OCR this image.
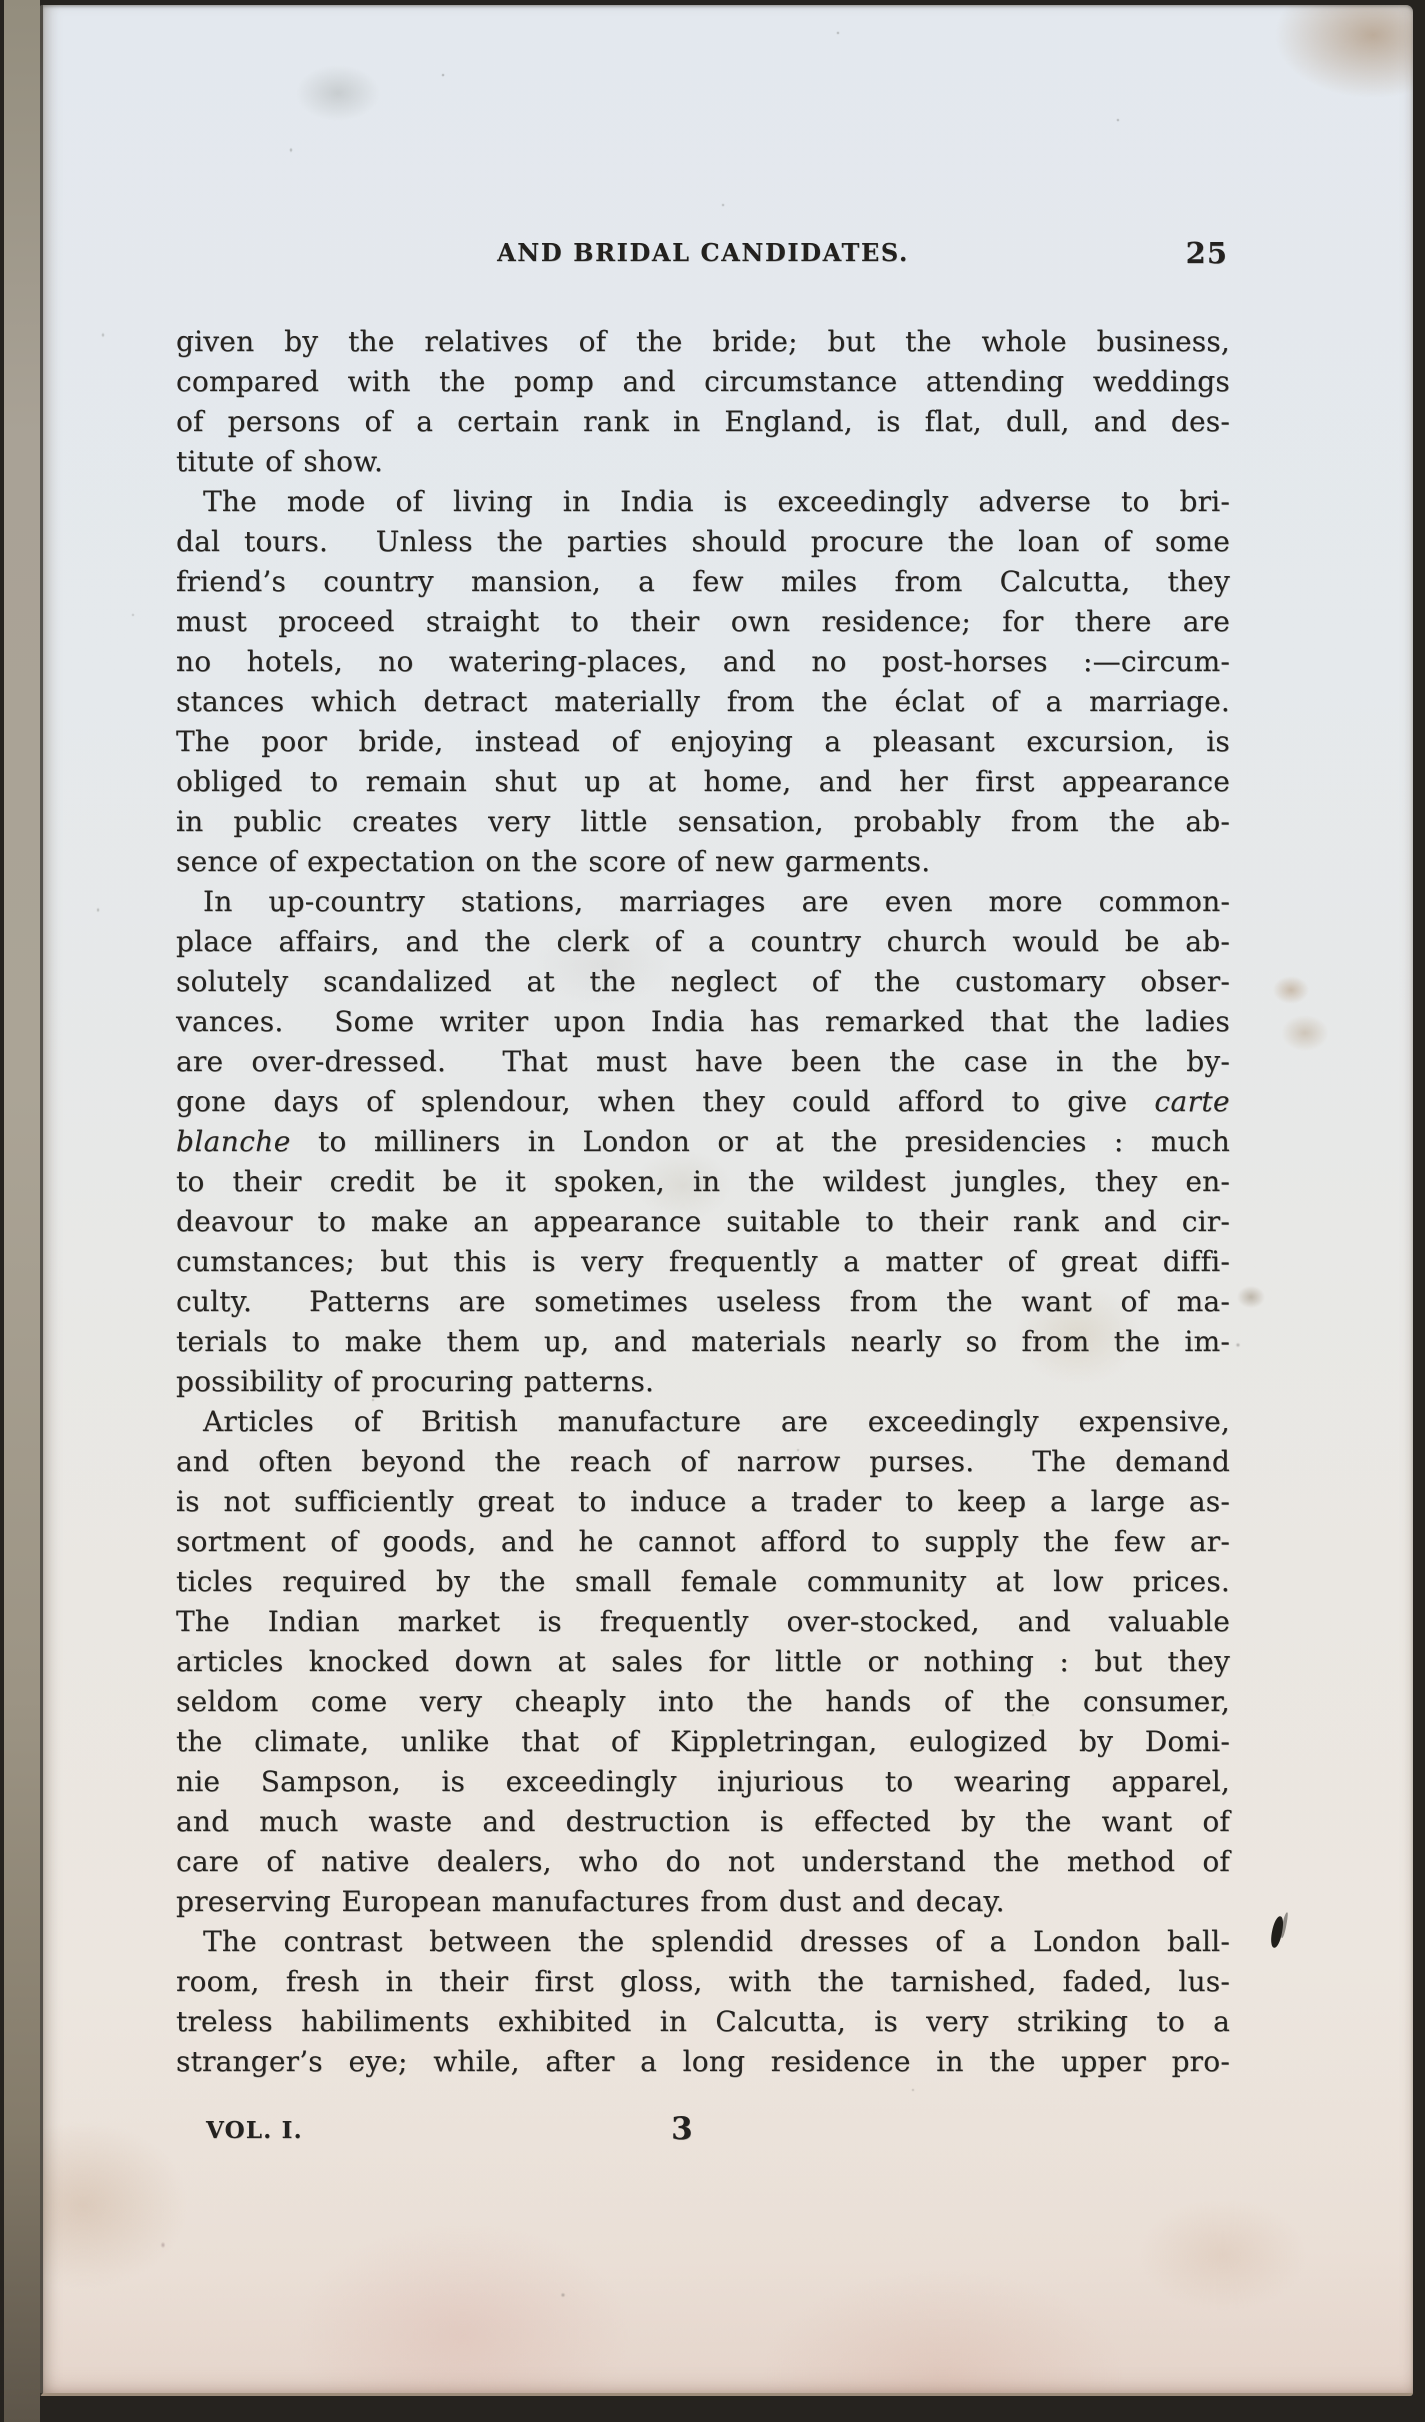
AND BRIDAL CANDIDATES.	25
given by the relatives of the bride; but the whole business,
compared with the pomp and circumstance attending weddings
of persons of a certain rank in England, is flat, dull, and des-
titute of show.
The mode of living in India is exceedingly adverse to bri-
dal tours.  Unless the parties should procure the loan of some
friend’s country mansion, a few miles from Calcutta, they
must proceed straight to their own residence; for there are
no hotels, no watering-places, and no post-horses :—circum-
stances which detract materially from the éclat of a marriage.
The poor bride, instead of enjoying a pleasant excursion, is
obliged to remain shut up at home, and her first appearance
in public creates very little sensation, probably from the ab-
sence of expectation on the score of new garments.
In up-country stations, marriages are even more common-
place affairs, and the clerk of a country church would be ab-
solutely scandalized at the neglect of the customary obser-
vances.  Some writer upon India has remarked that the ladies
are over-dressed.  That must have been the case in the by-
gone days of splendour, when they could afford to give carte
blanche to milliners in London or at the presidencies : much
to their credit be it spoken, in the wildest jungles, they en-
deavour to make an appearance suitable to their rank and cir-
cumstances; but this is very frequently a matter of great diffi-
culty.  Patterns are sometimes useless from the want of ma-
terials to make them up, and materials nearly so from the im-
possibility of procuring patterns.
Articles of British manufacture are exceedingly expensive,
and often beyond the reach of narrow purses.  The demand
is not sufficiently great to induce a trader to keep a large as-
sortment of goods, and he cannot afford to supply the few ar-
ticles required by the small female community at low prices.
The Indian market is frequently over-stocked, and valuable
articles knocked down at sales for little or nothing : but they
seldom come very cheaply into the hands of the consumer,
the climate, unlike that of Kippletringan, eulogized by Domi-
nie Sampson, is exceedingly injurious to wearing apparel,
and much waste and destruction is effected by the want of
care of native dealers, who do not understand the method of
preserving European manufactures from dust and decay.
The contrast between the splendid dresses of a London ball-
room, fresh in their first gloss, with the tarnished, faded, lus-
treless habiliments exhibited in Calcutta, is very striking to a
stranger’s eye; while, after a long residence in the upper pro-
VOL. I.	3
